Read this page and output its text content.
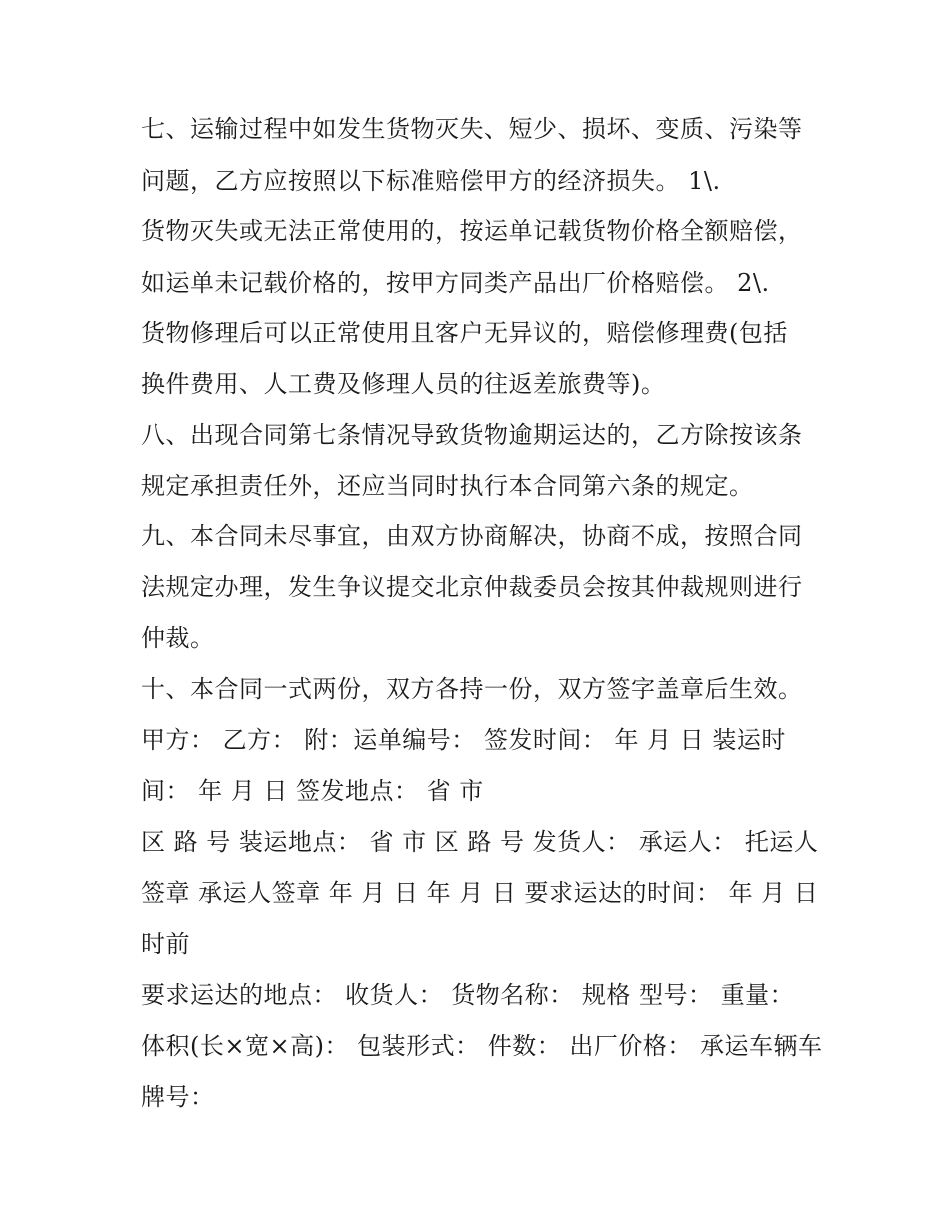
七、运输过程中如发生货物灭失、短少、损坏、变质、污染等

问题，乙方应按照以下标准赔偿甲方的经济损失。 1\.

货物灭失或无法正常使用的，按运单记载货物价格全额赔偿，

如运单未记载价格的，按甲方同类产品出厂价格赔偿。 2\.

货物修理后可以正常使用且客户无异议的，赔偿修理费(包括

换件费用、人工费及修理人员的往返差旅费等)。

八、出现合同第七条情况导致货物逾期运达的，乙方除按该条

规定承担责任外，还应当同时执行本合同第六条的规定。

九、本合同未尽事宜，由双方协商解决，协商不成，按照合同

法规定办理，发生争议提交北京仲裁委员会按其仲裁规则进行

仲裁。

十、本合同一式两份，双方各持一份，双方签字盖章后生效。

甲方： 乙方： 附：运单编号： 签发时间： 年 月 日 装运时

间： 年 月 日 签发地点： 省 市

区 路 号 装运地点： 省 市 区 路 号 发货人： 承运人： 托运人

签章 承运人签章 年 月 日 年 月 日 要求运达的时间： 年 月 日

时前

要求运达的地点： 收货人： 货物名称： 规格 型号： 重量：

体积(长×宽×高)： 包装形式： 件数： 出厂价格： 承运车辆车

牌号：
